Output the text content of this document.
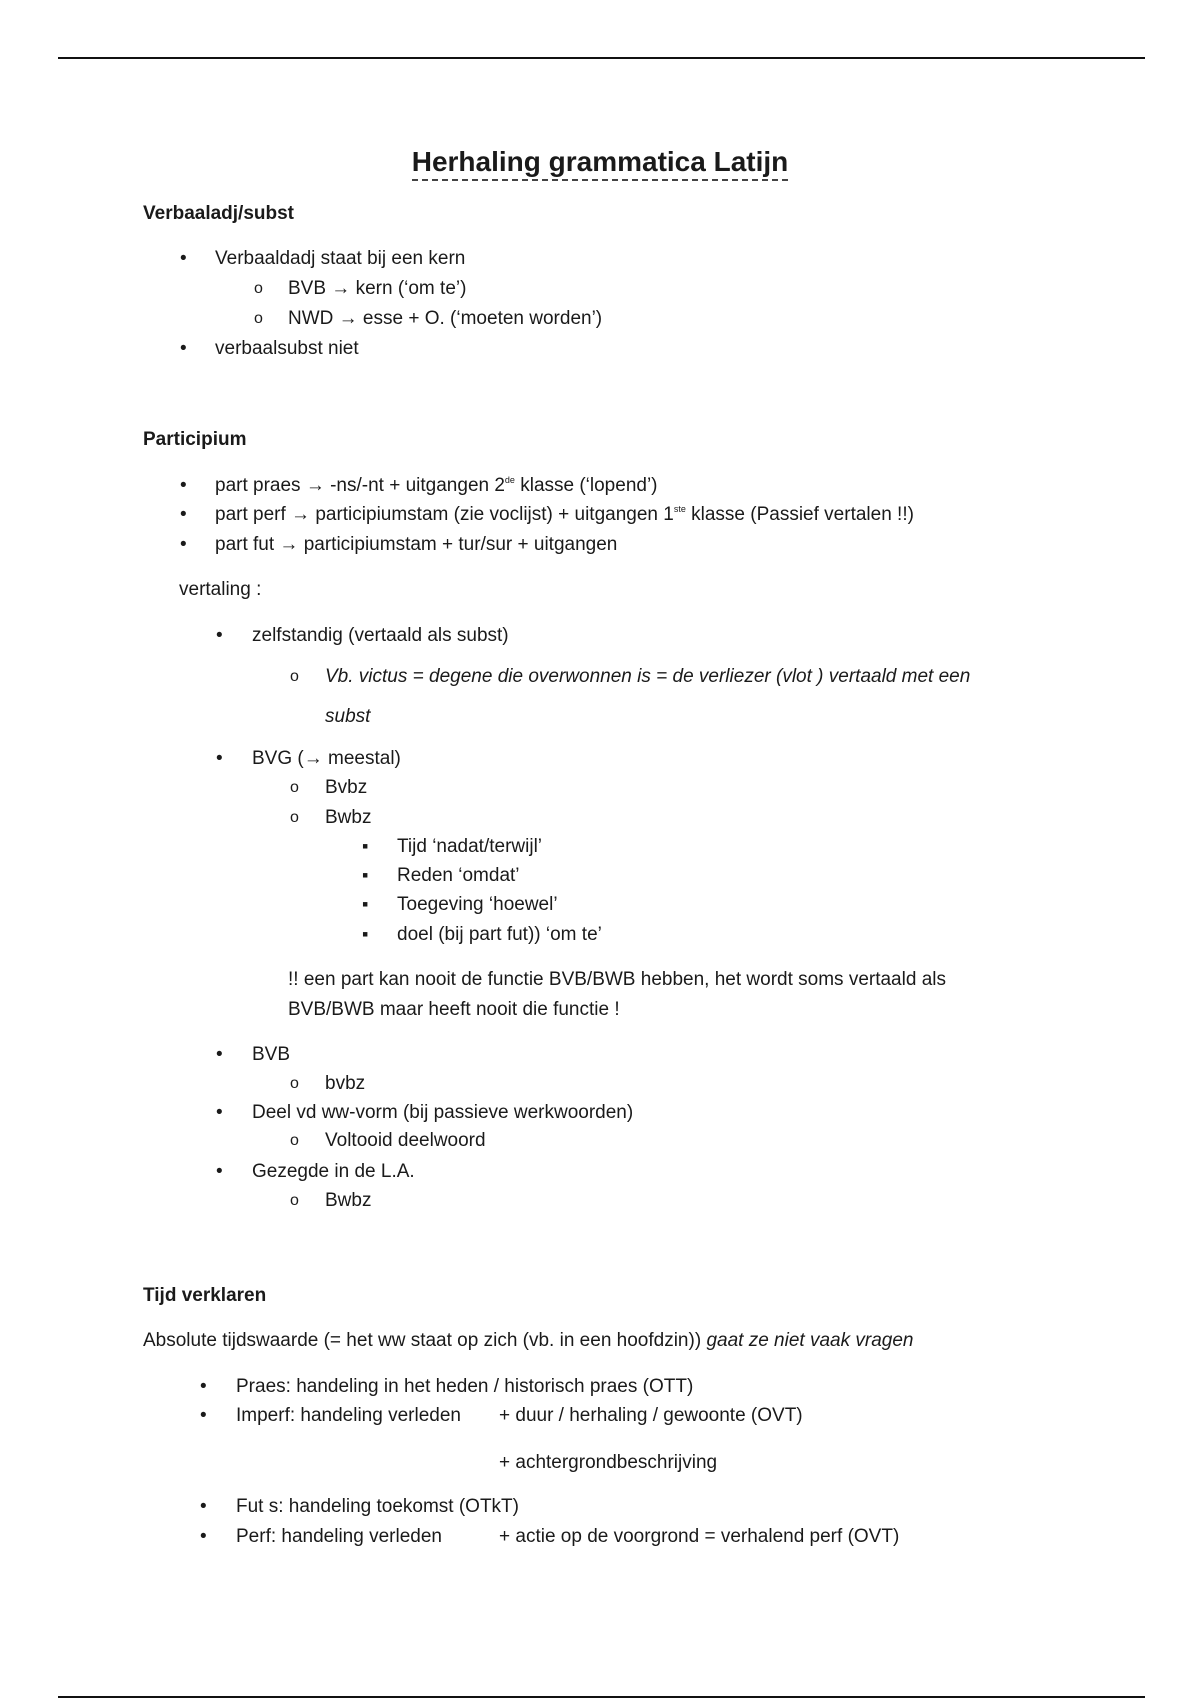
Herhaling grammatica Latijn
Verbaaladj/subst
•
Verbaaldadj staat bij een kern
o BVB → kern (‘om te’)
o NWD → esse + O. (‘moeten worden’)
•
verbaalsubst niet
Participium
•
part praes → -ns/-nt + uitgangen 2de klasse (‘lopend’)
•
part perf → participiumstam (zie voclijst) + uitgangen 1ste klasse (Passief vertalen !!)
•
part fut → participiumstam + tur/sur + uitgangen
vertaling :
•
zelfstandig (vertaald als subst)
o Vb. victus = degene die overwonnen is = de verliezer (vlot ) vertaald met een
subst
•
BVG (→ meestal)
o Bvbz
o Bwbz
▪
Tijd ‘nadat/terwijl’
▪
Reden ‘omdat’
▪
Toegeving ‘hoewel’
▪
doel (bij part fut)) ‘om te’
!! een part kan nooit de functie BVB/BWB hebben, het wordt soms vertaald als
BVB/BWB maar heeft nooit die functie !
•
BVB
o bvbz
•
Deel vd ww-vorm (bij passieve werkwoorden)
o Voltooid deelwoord
•
Gezegde in de L.A.
o Bwbz
Tijd verklaren
Absolute tijdswaarde (= het ww staat op zich (vb. in een hoofdzin)) gaat ze niet vaak vragen
•
Praes: handeling in het heden / historisch praes (OTT)
•
Imperf: handeling verleden + duur / herhaling / gewoonte (OVT)
+ achtergrondbeschrijving
•
Fut s: handeling toekomst (OTkT)
•
Perf: handeling verleden	+ actie op de voorgrond = verhalend perf (OVT)
